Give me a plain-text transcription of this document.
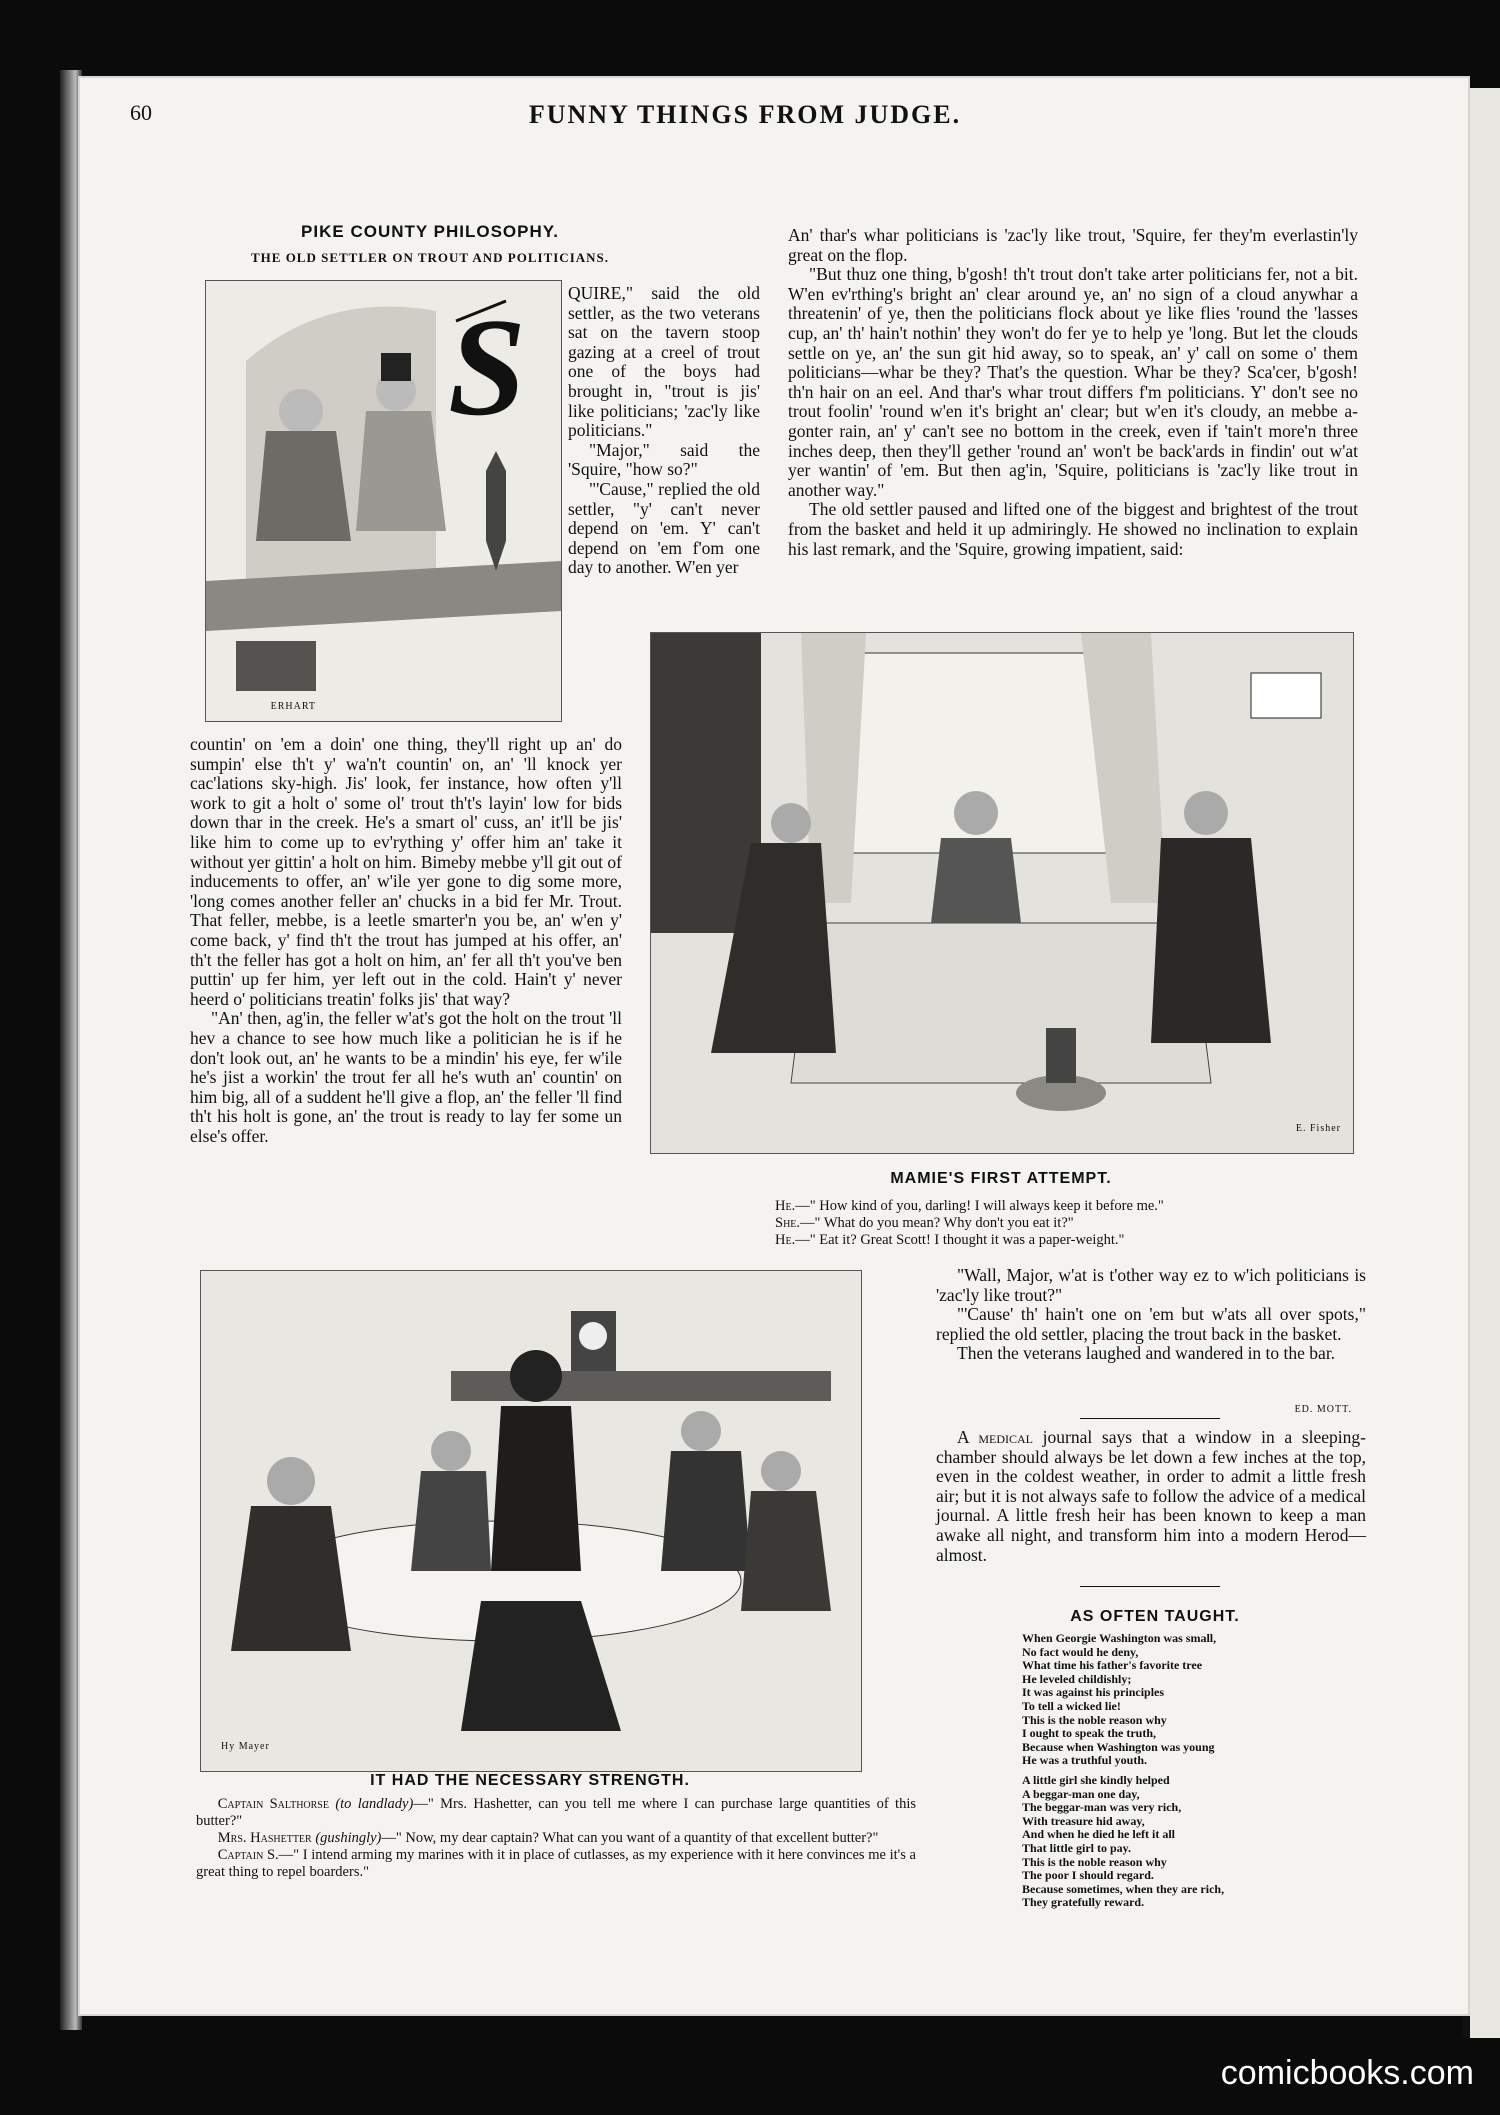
60	FUNNY THINGS FROM JUDGE.
PIKE COUNTY PHILOSOPHY.
THE OLD SETTLER ON TROUT AND POLITICIANS.
ERHART
S QUIRE," said the old settler, as the two veterans sat on the tavern stoop gazing at a creel of trout one of the boys had brought in, "trout is jis' like politicians; 'zac'ly like politicians."

"Major," said the 'Squire, "how so?"

"'Cause," replied the old settler, "y' can't never depend on 'em. Y' can't depend on 'em f'om one day to another. W'en yer

countin' on 'em a doin' one thing, they'll right up an' do sumpin' else th't y' wa'n't countin' on, an' 'll knock yer cac'lations sky-high. Jis' look, fer instance, how often y'll work to git a holt o' some ol' trout th't's layin' low for bids down thar in the creek. He's a smart ol' cuss, an' it'll be jis' like him to come up to ev'rything y' offer him an' take it without yer gittin' a holt on him. Bimeby mebbe y'll git out of inducements to offer, an' w'ile yer gone to dig some more, 'long comes another feller an' chucks in a bid fer Mr. Trout. That feller, mebbe, is a leetle smarter'n you be, an' w'en y' come back, y' find th't the trout has jumped at his offer, an' th't the feller has got a holt on him, an' fer all th't you've ben puttin' up fer him, yer left out in the cold. Hain't y' never heerd o' politicians treatin' folks jis' that way?

"An' then, ag'in, the feller w'at's got the holt on the trout 'll hev a chance to see how much like a politician he is if he don't look out, an' he wants to be a mindin' his eye, fer w'ile he's jist a workin' the trout fer all he's wuth an' countin' on him big, all of a suddent he'll give a flop, an' the feller 'll find th't his holt is gone, an' the trout is ready to lay fer some un else's offer.

An' thar's whar politicians is 'zac'ly like trout, 'Squire, fer they'm everlastin'ly great on the flop.

"But thuz one thing, b'gosh! th't trout don't take arter politicians fer, not a bit. W'en ev'rthing's bright an' clear around ye, an' no sign of a cloud anywhar a threatenin' of ye, then the politicians flock about ye like flies 'round the 'lasses cup, an' th' hain't nothin' they won't do fer ye to help ye 'long. But let the clouds settle on ye, an' the sun git hid away, so to speak, an' y' call on some o' them politicians—whar be they? That's the question. Whar be they? Sca'cer, b'gosh! th'n hair on an eel. And thar's whar trout differs f'm politicians. Y' don't see no trout foolin' 'round w'en it's bright an' clear; but w'en it's cloudy, an mebbe a-gonter rain, an' y' can't see no bottom in the creek, even if 'tain't more'n three inches deep, then they'll gether 'round an' won't be back'ards in findin' out w'at yer wantin' of 'em. But then ag'in, 'Squire, politicians is 'zac'ly like trout in another way."

The old settler paused and lifted one of the biggest and brightest of the trout from the basket and held it up admiringly. He showed no inclination to explain his last remark, and the 'Squire, growing impatient, said:

E. Fisher
MAMIE'S FIRST ATTEMPT.
He.—" How kind of you, darling! I will always keep it before me."
She.—" What do you mean? Why don't you eat it?"
He.—" Eat it? Great Scott! I thought it was a paper-weight."

"Wall, Major, w'at is t'other way ez to w'ich politicians is 'zac'ly like trout?"

"'Cause' th' hain't one on 'em but w'ats all over spots," replied the old settler, placing the trout back in the basket.

Then the veterans laughed and wandered in to the bar.

ED. MOTT.

A medical journal says that a window in a sleeping-chamber should always be let down a few inches at the top, even in the coldest weather, in order to admit a little fresh air; but it is not always safe to follow the advice of a medical journal. A little fresh heir has been known to keep a man awake all night, and transform him into a modern Herod—almost.

AS OFTEN TAUGHT.
When Georgie Washington was small,
No fact would he deny,
What time his father's favorite tree
He leveled childishly;
It was against his principles
To tell a wicked lie!
This is the noble reason why
I ought to speak the truth,
Because when Washington was young
He was a truthful youth.
A little girl she kindly helped
A beggar-man one day,
The beggar-man was very rich,
With treasure hid away,
And when he died he left it all
That little girl to pay.
This is the noble reason why
The poor I should regard.
Because sometimes, when they are rich,
They gratefully reward.
Hy Mayer
IT HAD THE NECESSARY STRENGTH.
Captain Salthorse (to landlady)—" Mrs. Hashetter, can you tell me where I can purchase large quantities of this butter?"
Mrs. Hashetter (gushingly)—" Now, my dear captain? What can you want of a quantity of that excellent butter?"
Captain S.—" I intend arming my marines with it in place of cutlasses, as my experience with it here convinces me it's a great thing to repel boarders."
comicbooks.com
